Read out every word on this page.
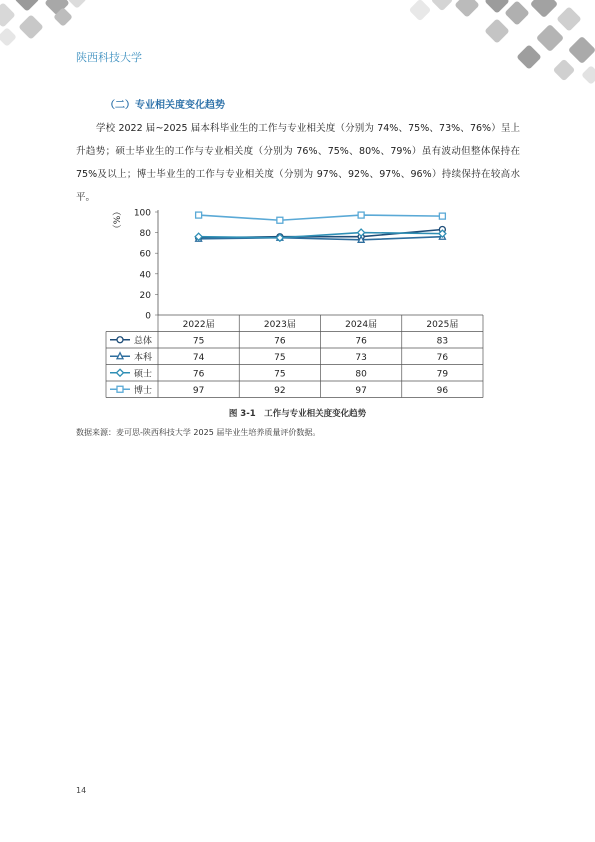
陕西科技大学
（二）专业相关度变化趋势
学校 2022 届~2025 届本科毕业生的工作与专业相关度（分别为 74%、75%、73%、76%）呈上升趋势；硕士毕业生的工作与专业相关度（分别为 76%、75%、80%、79%）虽有波动但整体保持在 75%及以上；博士毕业生的工作与专业相关度（分别为 97%、92%、97%、96%）持续保持在较高水平。
（%）
0
20
40
60
80
100
2022届	2023届	2024届	2025届
总体	75	76	76	83
本科	74	75	73	76
硕士	76	75	80	79
博士	97	92	97	96
图 3-1　工作与专业相关度变化趋势
数据来源：麦可思-陕西科技大学 2025 届毕业生培养质量评价数据。
14
